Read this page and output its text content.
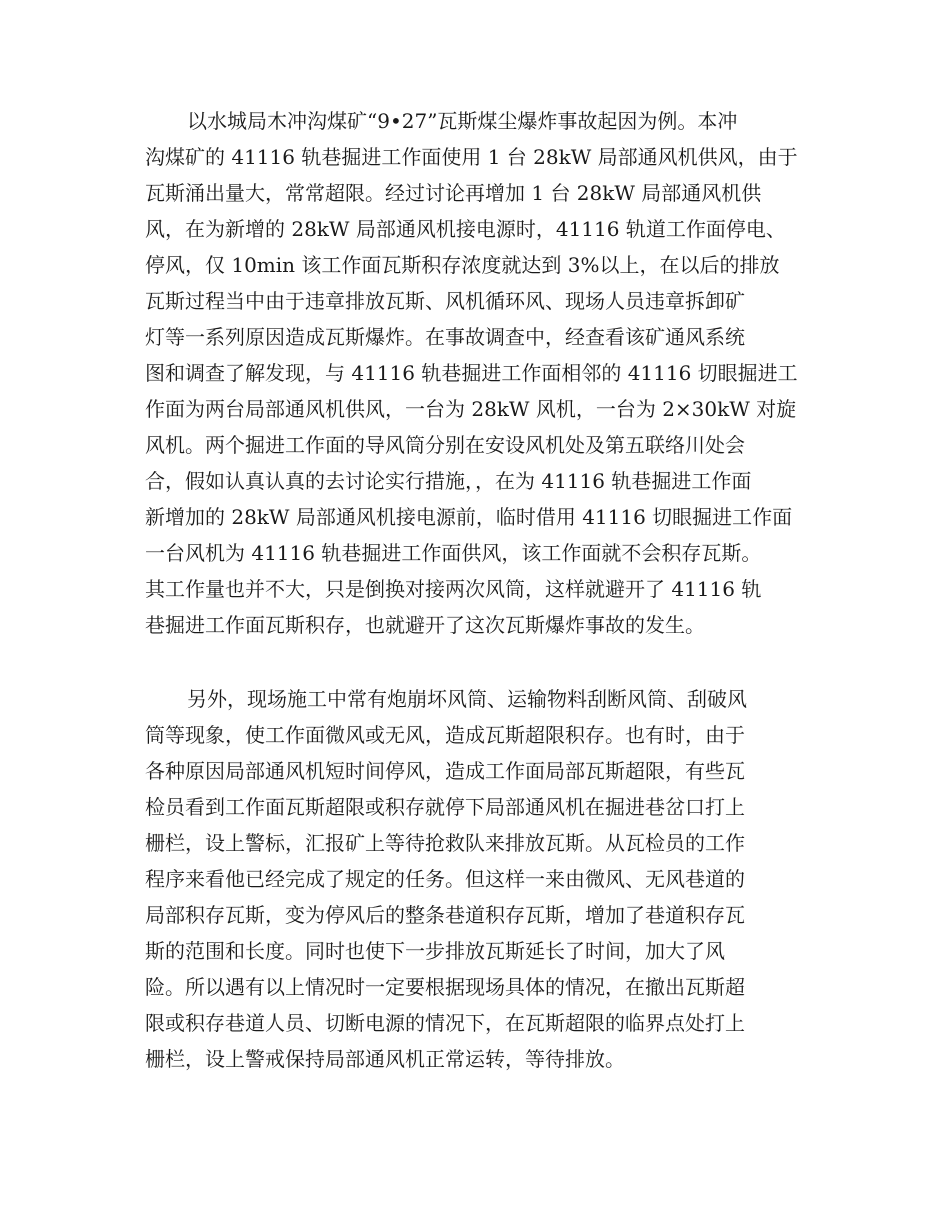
以水城局木冲沟煤矿“9•27”瓦斯煤尘爆炸事故起因为例。本冲
沟煤矿的 41116 轨巷掘进工作面使用 1 台 28kW 局部通风机供风，由于
瓦斯涌出量大，常常超限。经过讨论再增加 1 台 28kW 局部通风机供
风，在为新增的 28kW 局部通风机接电源时，41116 轨道工作面停电、
停风，仅 10min 该工作面瓦斯积存浓度就达到 3%以上，在以后的排放
瓦斯过程当中由于违章排放瓦斯、风机循环风、现场人员违章拆卸矿
灯等一系列原因造成瓦斯爆炸。在事故调查中，经查看该矿通风系统
图和调查了解发现，与 41116 轨巷掘进工作面相邻的 41116 切眼掘进工
作面为两台局部通风机供风，一台为 28kW 风机，一台为 2×30kW 对旋
风机。两个掘进工作面的导风筒分别在安设风机处及第五联络川处会
合，假如认真认真的去讨论实行措施，，在为 41116 轨巷掘进工作面
新增加的 28kW 局部通风机接电源前，临时借用 41116 切眼掘进工作面
一台风机为 41116 轨巷掘进工作面供风，该工作面就不会积存瓦斯。
其工作量也并不大，只是倒换对接两次风筒，这样就避开了 41116 轨
巷掘进工作面瓦斯积存，也就避开了这次瓦斯爆炸事故的发生。
另外，现场施工中常有炮崩坏风筒、运输物料刮断风筒、刮破风
筒等现象，使工作面微风或无风，造成瓦斯超限积存。也有时，由于
各种原因局部通风机短时间停风，造成工作面局部瓦斯超限，有些瓦
检员看到工作面瓦斯超限或积存就停下局部通风机在掘进巷岔口打上
栅栏，设上警标，汇报矿上等待抢救队来排放瓦斯。从瓦检员的工作
程序来看他已经完成了规定的任务。但这样一来由微风、无风巷道的
局部积存瓦斯，变为停风后的整条巷道积存瓦斯，增加了巷道积存瓦
斯的范围和长度。同时也使下一步排放瓦斯延长了时间，加大了风
险。所以遇有以上情况时一定要根据现场具体的情况，在撤出瓦斯超
限或积存巷道人员、切断电源的情况下，在瓦斯超限的临界点处打上
栅栏，设上警戒保持局部通风机正常运转，等待排放。
